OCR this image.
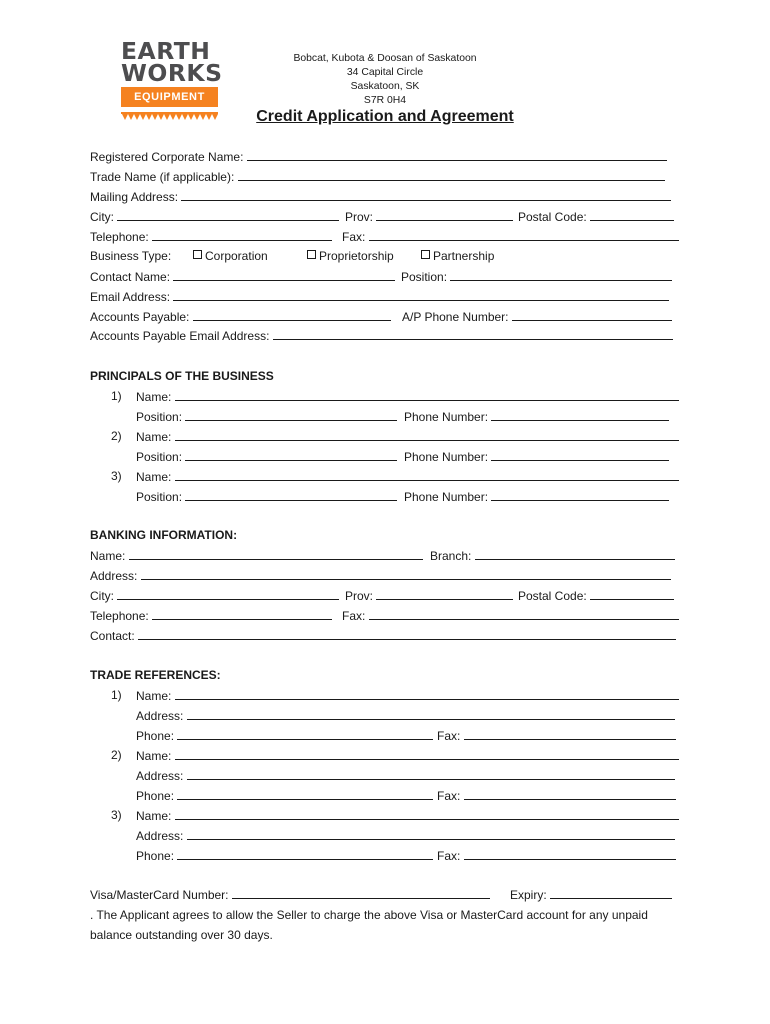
EARTH
WORKS
EQUIPMENT
Bobcat, Kubota & Doosan of Saskatoon
34 Capital Circle
Saskatoon, SK
S7R 0H4
Credit Application and Agreement
Registered Corporate Name:
Trade Name (if applicable):
Mailing Address:
City:	Prov:	Postal Code:
Telephone:	Fax:
Business Type:	Corporation	Proprietorship	Partnership
Contact Name:	Position:
Email Address:
Accounts Payable:	A/P Phone Number:
Accounts Payable Email Address:
PRINCIPALS OF THE BUSINESS
1) Name:
Position:	Phone Number:
2) Name:
Position:	Phone Number:
3) Name:
Position:	Phone Number:
BANKING INFORMATION:
Name:	Branch:
Address:
City:	Prov:	Postal Code:
Telephone:	Fax:
Contact:
TRADE REFERENCES:
1) Name:
Address:
Phone:	Fax:
2) Name:
Address:
Phone:	Fax:
3) Name:
Address:
Phone:	Fax:
Visa/MasterCard Number:	Expiry:
. The Applicant agrees to allow the Seller to charge the above Visa or MasterCard account for any unpaid balance outstanding over 30 days.
